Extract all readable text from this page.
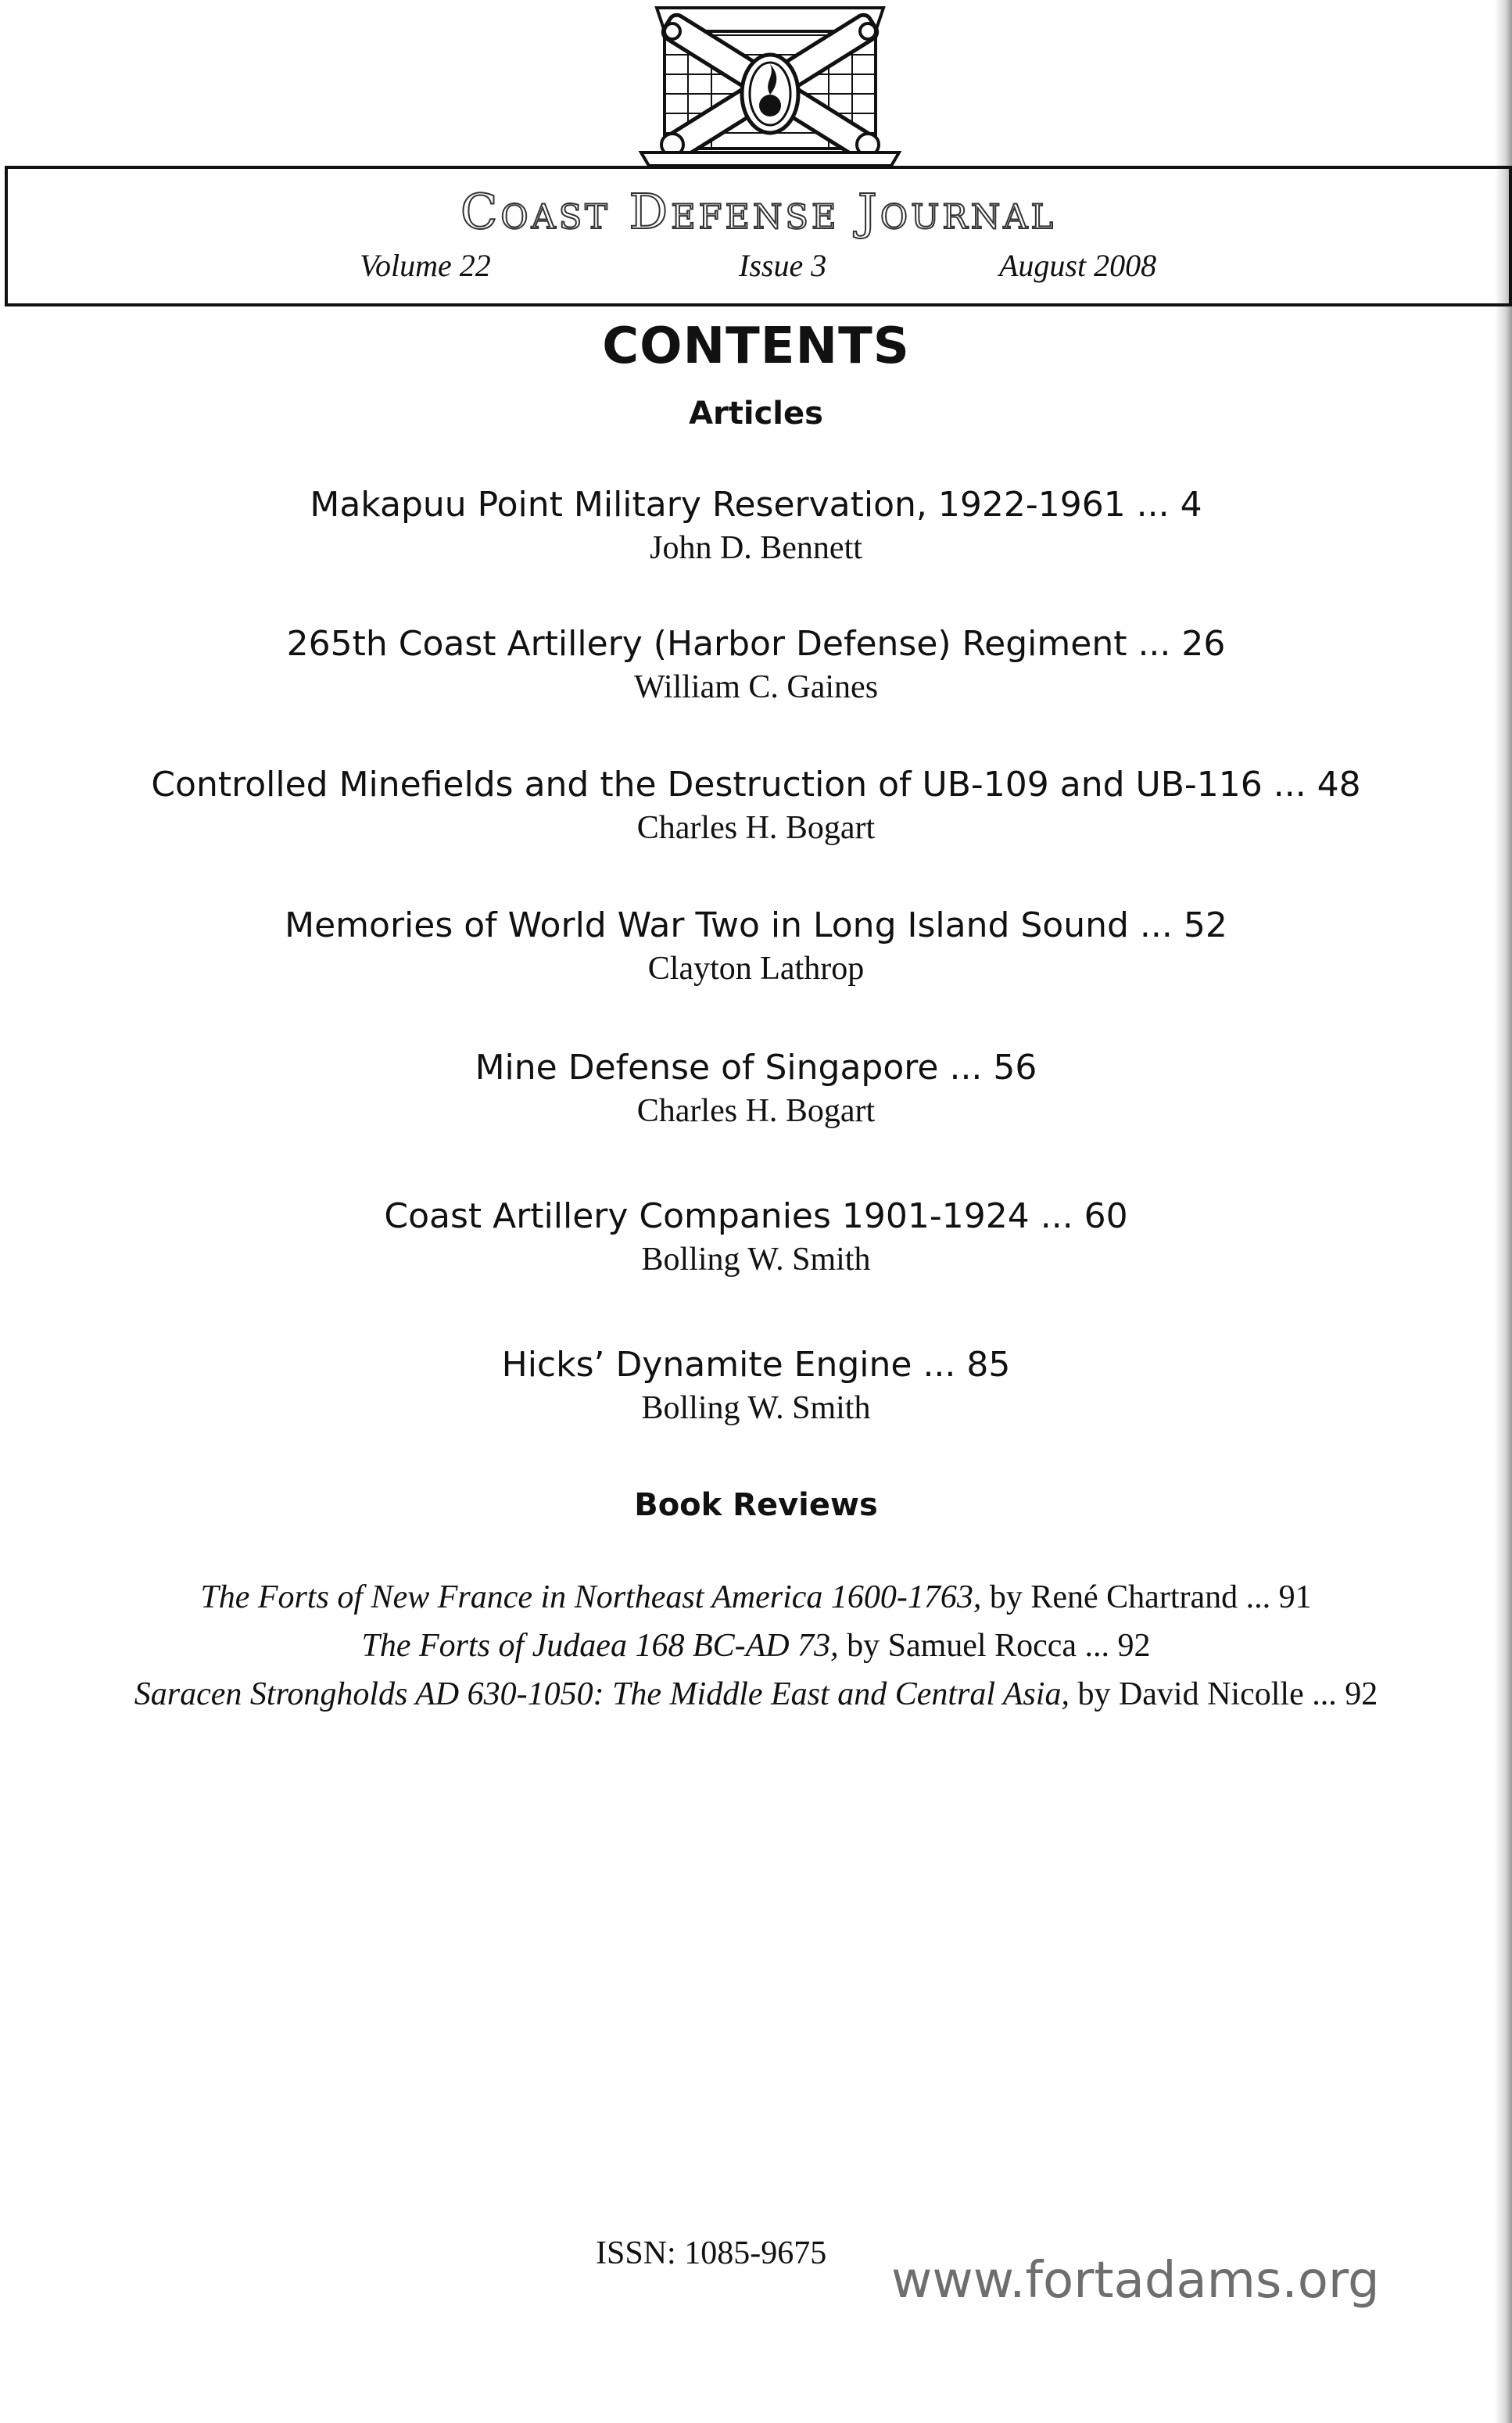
Coast Defense Journal
Volume 22	Issue 3	August 2008
CONTENTS
Articles
Makapuu Point Military Reservation, 1922-1961 ... 4
John D. Bennett
265th Coast Artillery (Harbor Defense) Regiment ... 26
William C. Gaines
Controlled Minefields and the Destruction of UB-109 and UB-116 ... 48
Charles H. Bogart
Memories of World War Two in Long Island Sound ... 52
Clayton Lathrop
Mine Defense of Singapore ... 56
Charles H. Bogart
Coast Artillery Companies 1901-1924 ... 60
Bolling W. Smith
Hicks’ Dynamite Engine ... 85
Bolling W. Smith
Book Reviews
The Forts of New France in Northeast America 1600-1763, by René Chartrand ... 91
The Forts of Judaea 168 BC-AD 73, by Samuel Rocca ... 92
Saracen Strongholds AD 630-1050: The Middle East and Central Asia, by David Nicolle ... 92
ISSN: 1085-9675 www.fortadams.org
